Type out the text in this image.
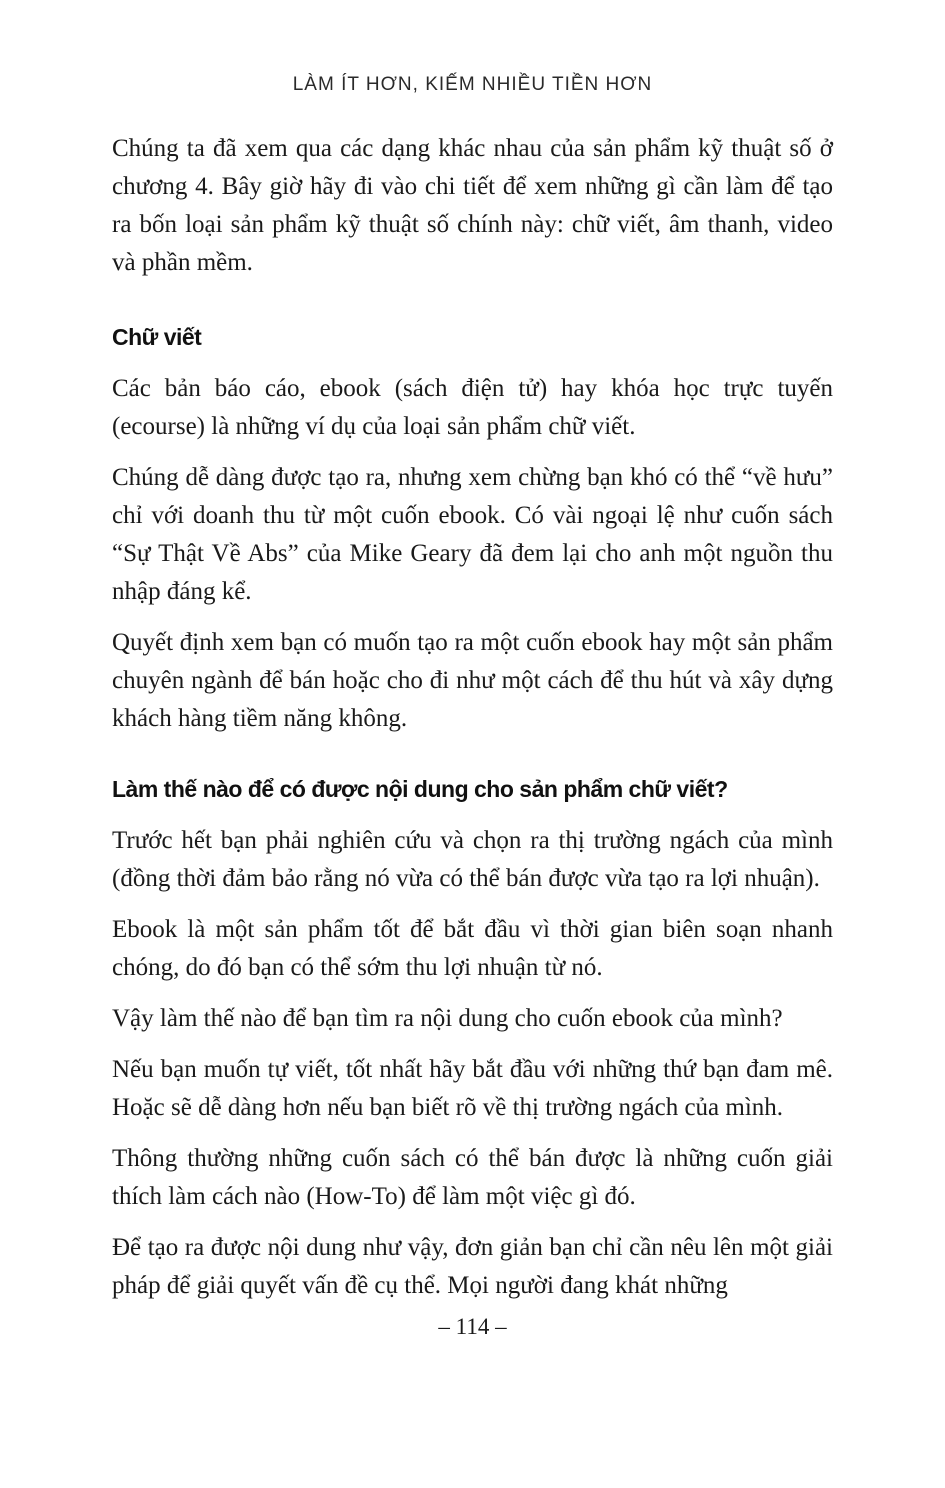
LÀM ÍT HƠN, KIẾM NHIỀU TIỀN HƠN

Chúng ta đã xem qua các dạng khác nhau của sản phẩm kỹ thuật số ở chương 4. Bây giờ hãy đi vào chi tiết để xem những gì cần làm để tạo ra bốn loại sản phẩm kỹ thuật số chính này: chữ viết, âm thanh, video và phần mềm.

Chữ viết

Các bản báo cáo, ebook (sách điện tử) hay khóa học trực tuyến (ecourse) là những ví dụ của loại sản phẩm chữ viết.

Chúng dễ dàng được tạo ra, nhưng xem chừng bạn khó có thể “về hưu” chỉ với doanh thu từ một cuốn ebook. Có vài ngoại lệ như cuốn sách “Sự Thật Về Abs” của Mike Geary đã đem lại cho anh một nguồn thu nhập đáng kể.

Quyết định xem bạn có muốn tạo ra một cuốn ebook hay một sản phẩm chuyên ngành để bán hoặc cho đi như một cách để thu hút và xây dựng khách hàng tiềm năng không.

Làm thế nào để có được nội dung cho sản phẩm chữ viết?

Trước hết bạn phải nghiên cứu và chọn ra thị trường ngách của mình (đồng thời đảm bảo rằng nó vừa có thể bán được vừa tạo ra lợi nhuận).

Ebook là một sản phẩm tốt để bắt đầu vì thời gian biên soạn nhanh chóng, do đó bạn có thể sớm thu lợi nhuận từ nó.

Vậy làm thế nào để bạn tìm ra nội dung cho cuốn ebook của mình?

Nếu bạn muốn tự viết, tốt nhất hãy bắt đầu với những thứ bạn đam mê. Hoặc sẽ dễ dàng hơn nếu bạn biết rõ về thị trường ngách của mình.

Thông thường những cuốn sách có thể bán được là những cuốn giải thích làm cách nào (How-To) để làm một việc gì đó.

Để tạo ra được nội dung như vậy, đơn giản bạn chỉ cần nêu lên một giải pháp để giải quyết vấn đề cụ thể. Mọi người đang khát những

– 114 –
